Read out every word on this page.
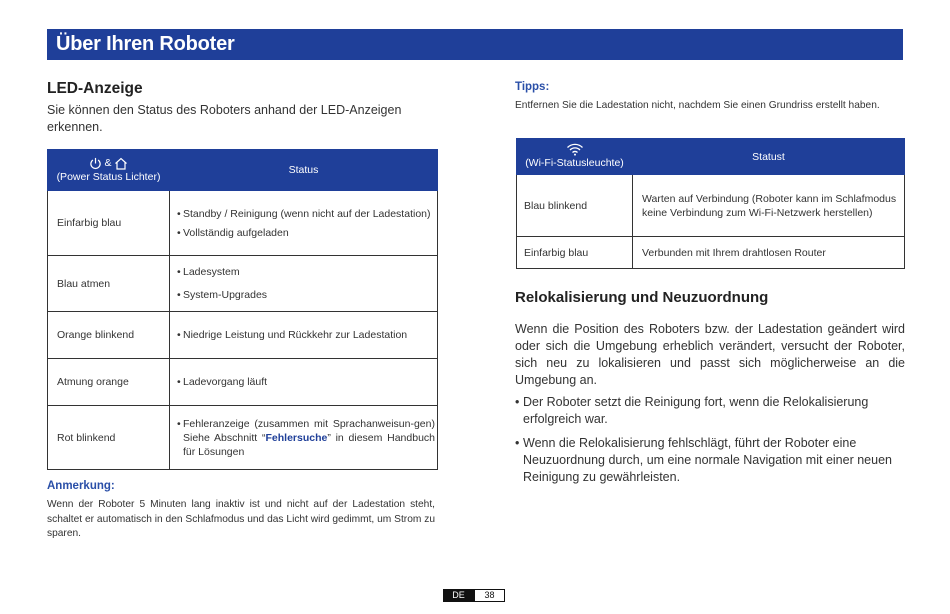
Über Ihren Roboter
LED-Anzeige
Sie können den Status des Roboters anhand der LED-Anzeigen erkennen.
&
(Power Status Lichter)	Status
Einfarbig blau	• Standby / Reinigung (wenn nicht auf der Ladestation)
• Vollständig aufgeladen

Blau atmen	• Ladesystem
• System-Upgrades

Orange blinkend	• Niedrige Leistung und Rückkehr zur Ladestation

Atmung orange	• Ladevorgang läuft

Rot blinkend	• Fehleranzeige (zusammen mit Sprachanweisun-gen) Siehe Abschnitt “Fehlersuche” in diesem Handbuch für Lösungen
Anmerkung:
Wenn der Roboter 5 Minuten lang inaktiv ist und nicht auf der Ladestation steht, schaltet er automatisch in den Schlafmodus und das Licht wird gedimmt, um Strom zu sparen.
Tipps:
Entfernen Sie die Ladestation nicht, nachdem Sie einen Grundriss erstellt haben.
(Wi-Fi-Statusleuchte)	Statust
Blau blinkend	Warten auf Verbindung (Roboter kann im Schlafmodus keine Verbindung zum Wi-Fi-Netzwerk herstellen)
Einfarbig blau	Verbunden mit Ihrem drahtlosen Router
Relokalisierung und Neuzuordnung
Wenn die Position des Roboters bzw. der Ladestation geändert wird oder sich die Umgebung erheblich verändert, versucht der Roboter, sich neu zu lokalisieren und passt sich möglicherweise an die Umgebung an.
• Der Roboter setzt die Reinigung fort, wenn die Relokalisierung erfolgreich war.
• Wenn die Relokalisierung fehlschlägt, führt der Roboter eine Neuzuordnung durch, um eine normale Navigation mit einer neuen Reinigung zu gewährleisten.
DE	38
